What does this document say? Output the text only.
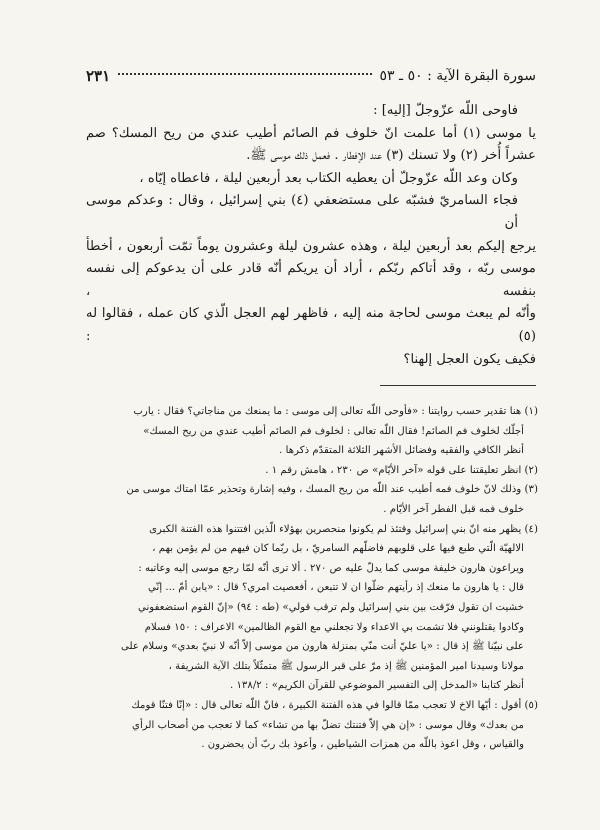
سورة البقرة الآية : ٥٠ ـ ٥٣
٢٣١

فاوحى اللّه عزّوجلّ [إليه] :

يا موسى (١) أما علمت انّ خلوف فم الصائم أطيب عندي من ريح المسك؟ صم

عشراً أُخر (٢) ولا تسنك (٣) عند الإفطار . فعمل ذلك موسى ﷺ.

وكان وعد اللّه عزّوجلّ أن يعطيه الكتاب بعد أربعين ليلة ، فاعطاه إيّاه ،

فجاء السامريّ فشبّه على مستضعفي (٤) بني إسرائيل ، وقال : وعدكم موسى أن

يرجع إليكم بعد أربعين ليلة ، وهذه عشرون ليلة وعشرون يوماً تمّت أربعون ، أخطأ

موسى ربّه ، وقد أتاكم ربّكم ، أراد أن يريكم أنّه قادر على أن يدعوكم إلى نفسه بنفسه ،

وأنّه لم يبعث موسى لحاجة منه إليه ، فاظهر لهم العجل الّذي كان عمله ، فقالوا له (٥) :

فكيف يكون العجل إلهنا؟

(١) هنا تقدير حسب روايتنا : «فأوحى اللّه تعالى إلى موسى : ما يمنعك من مناجاتي؟ فقال : يارب

أجلّك لخلوف فم الصائم! فقال اللّه تعالى : لخلوف فم الصائم أطيب عندي من ريح المسك»

أنظر الكافي والفقيه وفضائل الأشهر الثلاثة المتقدّم ذكرها .

(٢) انظر تعليقتنا على قوله «آخر الأيّام» ص ٢٣٠ ، هامش رقم ١ .

(٣) وذلك لانّ خلوف فمه أطيب عند اللّه من ريح المسك ، وفيه إشارة وتحذير عمّا امتاك موسى من

خلوف فمه قبل الفطر آخر الأيّام .

(٤) يظهر منه انّ بني إسرائيل وقتئذ لم يكونوا منحصرين بهؤلاء الّذين افتتنوا هذه الفتنة الكبرى

الالهيّة الّتي طبع فيها على قلوبهم فاضلّهم السامريّ ، بل ربّما كان فيهم من لم يؤمن بهم ،

ويراعون هارون خليفة موسى كما يدلّ عليه ص ٢٧٠ . ألا ترى أنّه لمّا رجع موسى إليه وعاتبه :

قال : يا هارون ما منعك إذ رأيتهم ضلّوا ان لا تتبعن ، أفعصيت امري؟ قال : «يابن أمّ ... إنّي

خشيت ان تقول فرّقت بين بني إسرائيل ولم ترقب قولي» (طه : ٩٤) «إنّ القوم استضعفوني

وكادوا يقتلونني فلا تشمت بي الاعداء ولا تجعلني مع القوم الظالمين» الاعراف : ١٥٠ فسلام

على نبيّنا ﷺ إذ قال : «يا عليّ أنت منّي بمنزلة هارون من موسى إلاّ أنّه لا نبيّ بعدي» وسلام على

مولانا وسيدنا امير المؤمنين ﷺ إذ مرّ على قبر الرسول ﷺ متمثّلاً بتلك الآية الشريفة ،

أنظر كتابنا «المدخل إلى التفسير الموضوعي للقرآن الكريم» : ١٣٨/٢ .

(٥) أقول : أيّها الاخ لا تعجب ممّا قالوا في هذه الفتنة الكبيرة ، فانّ اللّه تعالى قال : «إنّا فتنّا قومك

من بعدك» وقال موسى : «إن هي إلاّ فتنتك تضلّ بها من تشاء» كما لا تعجب من أصحاب الرأي

والقياس ، وقل اعوذ باللّه من همزات الشياطين ، وأعوذ بك ربّ أن يحضرون .
